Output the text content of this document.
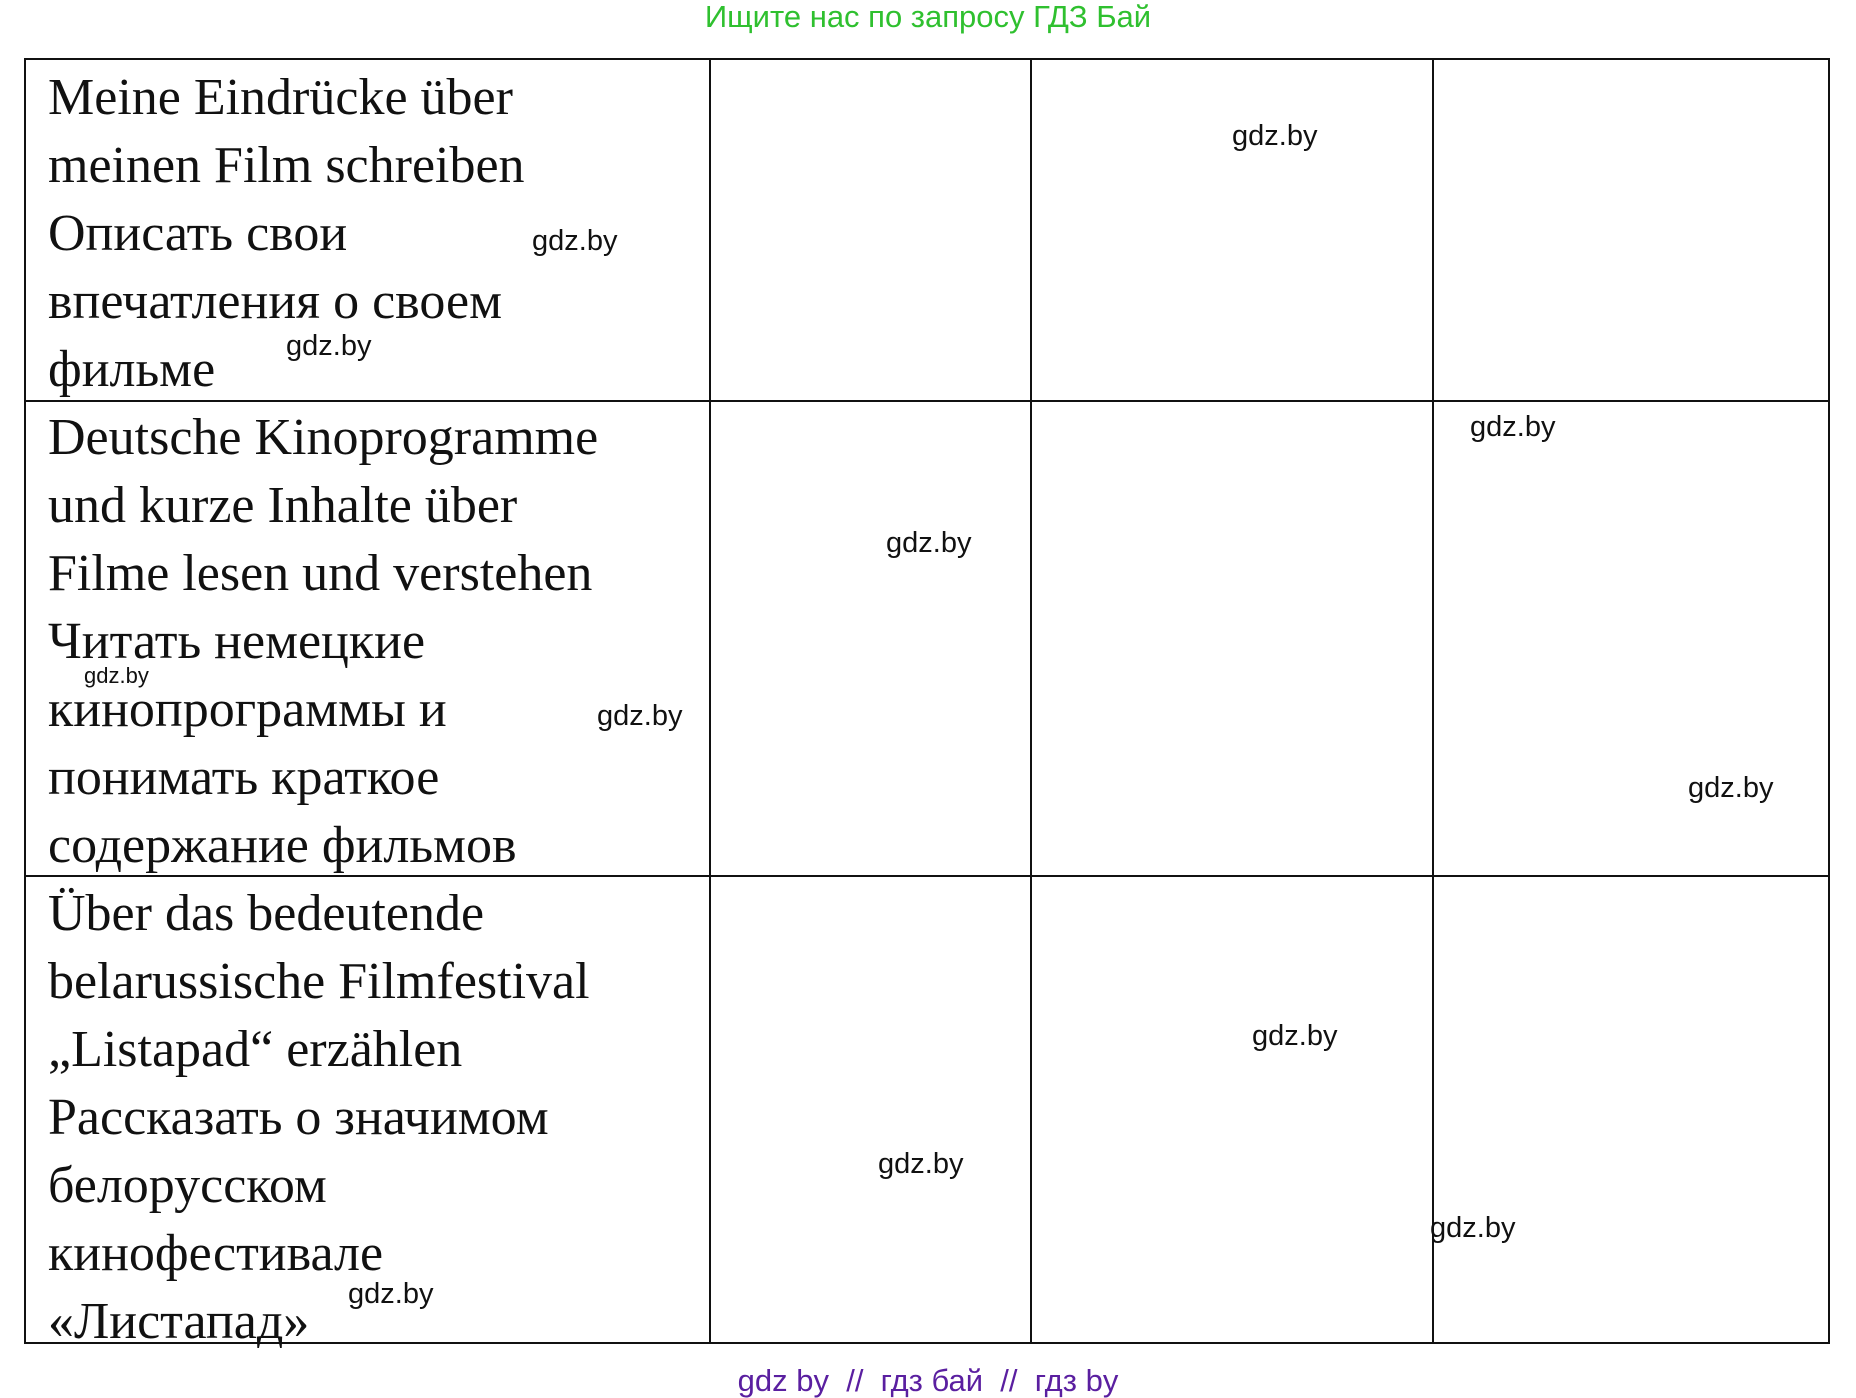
Ищите нас по запросу ГДЗ Бай
Meine Eindrücke über
meinen Film schreiben
Описать свои
впечатления о своем
фильме
Deutsche Kinoprogramme
und kurze Inhalte über
Filme lesen und verstehen
Читать немецкие
кинопрограммы и
понимать краткое
содержание фильмов
Über das bedeutende
belarussische Filmfestival
„Listapad“ erzählen
Рассказать о значимом
белорусском
кинофестивале
«Листапад»
gdz.by
gdz.by
gdz.by
gdz.by
gdz.by
gdz.by
gdz.by
gdz.by
gdz.by
gdz.by
gdz.by
gdz.by
gdz by  //  гдз бай  //  гдз by
